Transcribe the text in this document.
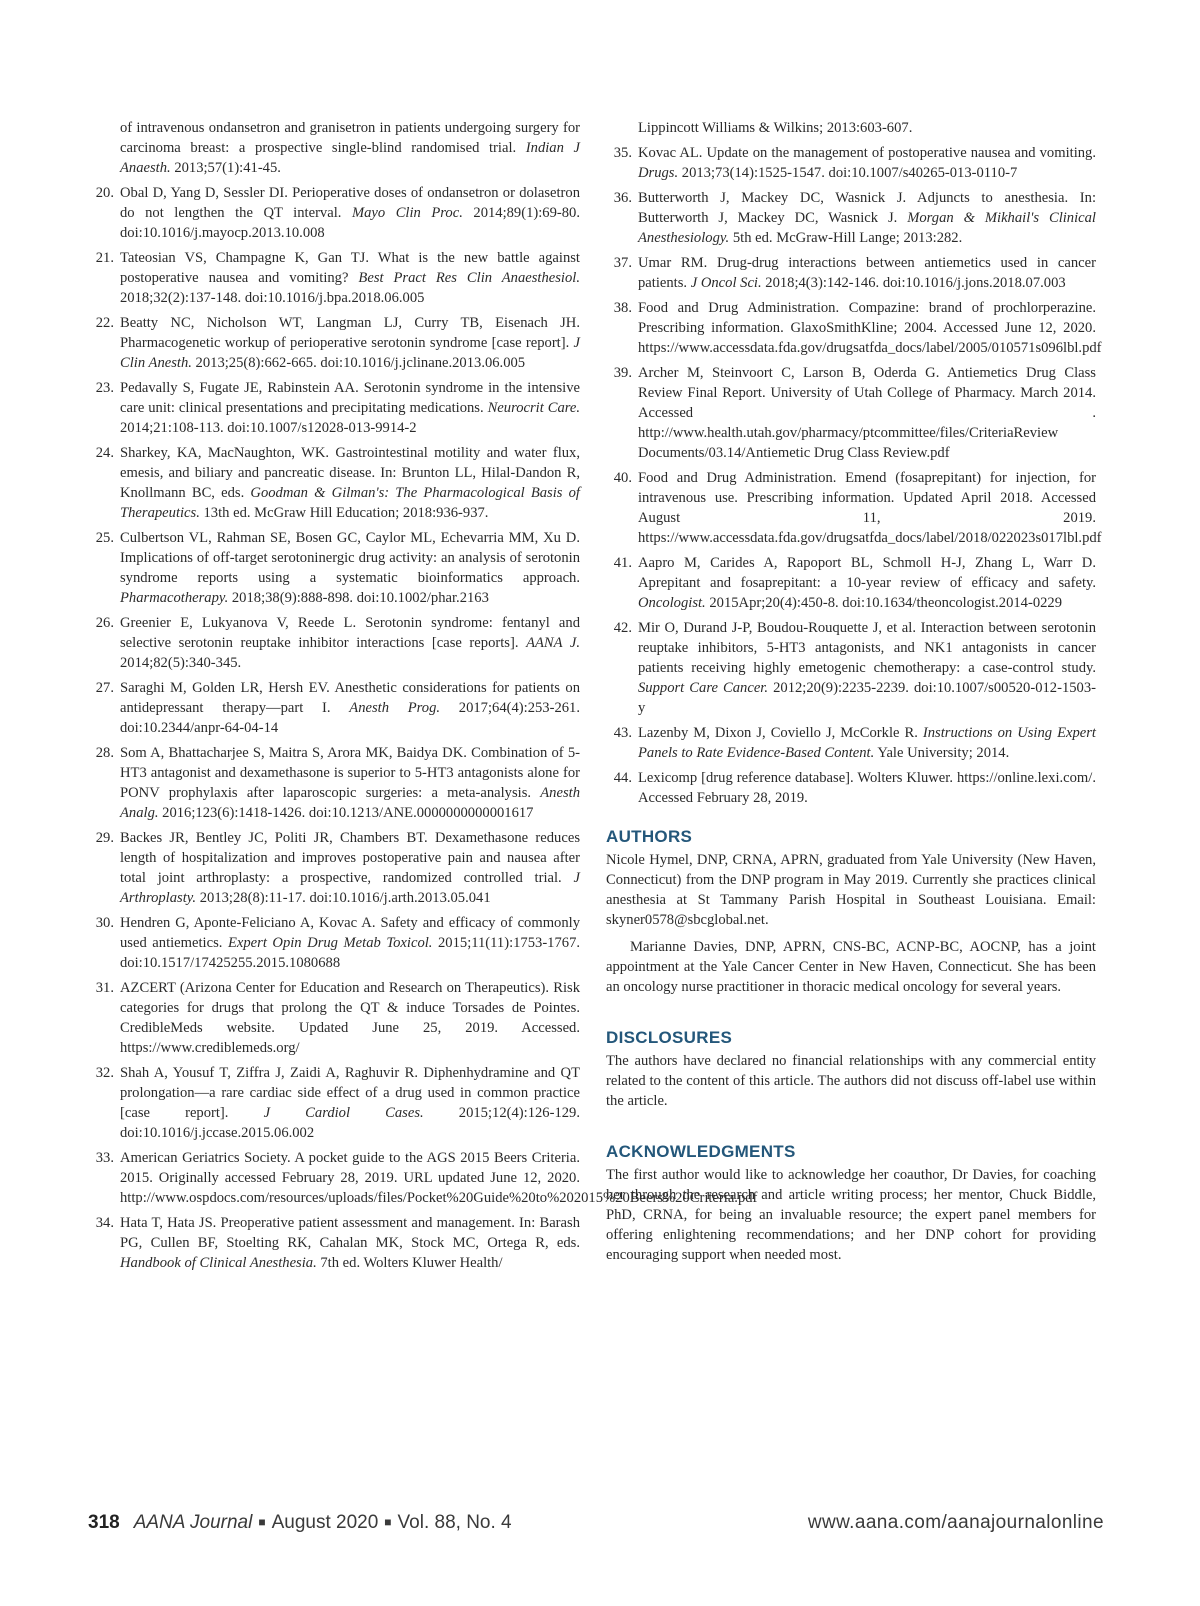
of intravenous ondansetron and granisetron in patients undergoing surgery for carcinoma breast: a prospective single-blind randomised trial. Indian J Anaesth. 2013;57(1):41-45.
20. Obal D, Yang D, Sessler DI. Perioperative doses of ondansetron or dolasetron do not lengthen the QT interval. Mayo Clin Proc. 2014;89(1):69-80. doi:10.1016/j.mayocp.2013.10.008
21. Tateosian VS, Champagne K, Gan TJ. What is the new battle against postoperative nausea and vomiting? Best Pract Res Clin Anaesthesiol. 2018;32(2):137-148. doi:10.1016/j.bpa.2018.06.005
22. Beatty NC, Nicholson WT, Langman LJ, Curry TB, Eisenach JH. Pharmacogenetic workup of perioperative serotonin syndrome [case report]. J Clin Anesth. 2013;25(8):662-665. doi:10.1016/j.jclinane.2013.06.005
23. Pedavally S, Fugate JE, Rabinstein AA. Serotonin syndrome in the intensive care unit: clinical presentations and precipitating medications. Neurocrit Care. 2014;21:108-113. doi:10.1007/s12028-013-9914-2
24. Sharkey, KA, MacNaughton, WK. Gastrointestinal motility and water flux, emesis, and biliary and pancreatic disease. In: Brunton LL, Hilal-Dandon R, Knollmann BC, eds. Goodman & Gilman's: The Pharmacological Basis of Therapeutics. 13th ed. McGraw Hill Education; 2018:936-937.
25. Culbertson VL, Rahman SE, Bosen GC, Caylor ML, Echevarria MM, Xu D. Implications of off-target serotoninergic drug activity: an analysis of serotonin syndrome reports using a systematic bioinformatics approach. Pharmacotherapy. 2018;38(9):888-898. doi:10.1002/phar.2163
26. Greenier E, Lukyanova V, Reede L. Serotonin syndrome: fentanyl and selective serotonin reuptake inhibitor interactions [case reports]. AANA J. 2014;82(5):340-345.
27. Saraghi M, Golden LR, Hersh EV. Anesthetic considerations for patients on antidepressant therapy—part I. Anesth Prog. 2017;64(4):253-261. doi:10.2344/anpr-64-04-14
28. Som A, Bhattacharjee S, Maitra S, Arora MK, Baidya DK. Combination of 5-HT3 antagonist and dexamethasone is superior to 5-HT3 antagonists alone for PONV prophylaxis after laparoscopic surgeries: a meta-analysis. Anesth Analg. 2016;123(6):1418-1426. doi:10.1213/ANE.0000000000001617
29. Backes JR, Bentley JC, Politi JR, Chambers BT. Dexamethasone reduces length of hospitalization and improves postoperative pain and nausea after total joint arthroplasty: a prospective, randomized controlled trial. J Arthroplasty. 2013;28(8):11-17. doi:10.1016/j.arth.2013.05.041
30. Hendren G, Aponte-Feliciano A, Kovac A. Safety and efficacy of commonly used antiemetics. Expert Opin Drug Metab Toxicol. 2015;11(11):1753-1767. doi:10.1517/17425255.2015.1080688
31. AZCERT (Arizona Center for Education and Research on Therapeutics). Risk categories for drugs that prolong the QT & induce Torsades de Pointes. CredibleMeds website. Updated June 25, 2019. Accessed. https://www.crediblemeds.org/
32. Shah A, Yousuf T, Ziffra J, Zaidi A, Raghuvir R. Diphenhydramine and QT prolongation—a rare cardiac side effect of a drug used in common practice [case report]. J Cardiol Cases. 2015;12(4):126-129. doi:10.1016/j.jccase.2015.06.002
33. American Geriatrics Society. A pocket guide to the AGS 2015 Beers Criteria. 2015. Originally accessed February 28, 2019. URL updated June 12, 2020. http://www.ospdocs.com/resources/uploads/files/Pocket%20Guide%20to%202015%20Beers%20Criteria.pdf
34. Hata T, Hata JS. Preoperative patient assessment and management. In: Barash PG, Cullen BF, Stoelting RK, Cahalan MK, Stock MC, Ortega R, eds. Handbook of Clinical Anesthesia. 7th ed. Wolters Kluwer Health/
Lippincott Williams & Wilkins; 2013:603-607.
35. Kovac AL. Update on the management of postoperative nausea and vomiting. Drugs. 2013;73(14):1525-1547. doi:10.1007/s40265-013-0110-7
36. Butterworth J, Mackey DC, Wasnick J. Adjuncts to anesthesia. In: Butterworth J, Mackey DC, Wasnick J. Morgan & Mikhail's Clinical Anesthesiology. 5th ed. McGraw-Hill Lange; 2013:282.
37. Umar RM. Drug-drug interactions between antiemetics used in cancer patients. J Oncol Sci. 2018;4(3):142-146. doi:10.1016/j.jons.2018.07.003
38. Food and Drug Administration. Compazine: brand of prochlorperazine. Prescribing information. GlaxoSmithKline; 2004. Accessed June 12, 2020. https://www.accessdata.fda.gov/drugsatfda_docs/label/2005/010571s096lbl.pdf
39. Archer M, Steinvoort C, Larson B, Oderda G. Antiemetics Drug Class Review Final Report. University of Utah College of Pharmacy. March 2014. Accessed . http://www.health.utah.gov/pharmacy/ptcommittee/files/CriteriaReview Documents/03.14/Antiemetic Drug Class Review.pdf
40. Food and Drug Administration. Emend (fosaprepitant) for injection, for intravenous use. Prescribing information. Updated April 2018. Accessed August 11, 2019. https://www.accessdata.fda.gov/drugsatfda_docs/label/2018/022023s017lbl.pdf
41. Aapro M, Carides A, Rapoport BL, Schmoll H-J, Zhang L, Warr D. Aprepitant and fosaprepitant: a 10-year review of efficacy and safety. Oncologist. 2015Apr;20(4):450-8. doi:10.1634/theoncologist.2014-0229
42. Mir O, Durand J-P, Boudou-Rouquette J, et al. Interaction between serotonin reuptake inhibitors, 5-HT3 antagonists, and NK1 antagonists in cancer patients receiving highly emetogenic chemotherapy: a case-control study. Support Care Cancer. 2012;20(9):2235-2239. doi:10.1007/s00520-012-1503-y
43. Lazenby M, Dixon J, Coviello J, McCorkle R. Instructions on Using Expert Panels to Rate Evidence-Based Content. Yale University; 2014.
44. Lexicomp [drug reference database]. Wolters Kluwer. https://online.lexi.com/. Accessed February 28, 2019.
AUTHORS

Nicole Hymel, DNP, CRNA, APRN, graduated from Yale University (New Haven, Connecticut) from the DNP program in May 2019. Currently she practices clinical anesthesia at St Tammany Parish Hospital in Southeast Louisiana. Email: skyner0578@sbcglobal.net.

Marianne Davies, DNP, APRN, CNS-BC, ACNP-BC, AOCNP, has a joint appointment at the Yale Cancer Center in New Haven, Connecticut. She has been an oncology nurse practitioner in thoracic medical oncology for several years.

DISCLOSURES

The authors have declared no financial relationships with any commercial entity related to the content of this article. The authors did not discuss off-label use within the article.

ACKNOWLEDGMENTS

The first author would like to acknowledge her coauthor, Dr Davies, for coaching her through the research and article writing process; her mentor, Chuck Biddle, PhD, CRNA, for being an invaluable resource; the expert panel members for offering enlightening recommendations; and her DNP cohort for providing encouraging support when needed most.

318 AANA Journal ■ August 2020 ■ Vol. 88, No. 4	www.aana.com/aanajournalonline
